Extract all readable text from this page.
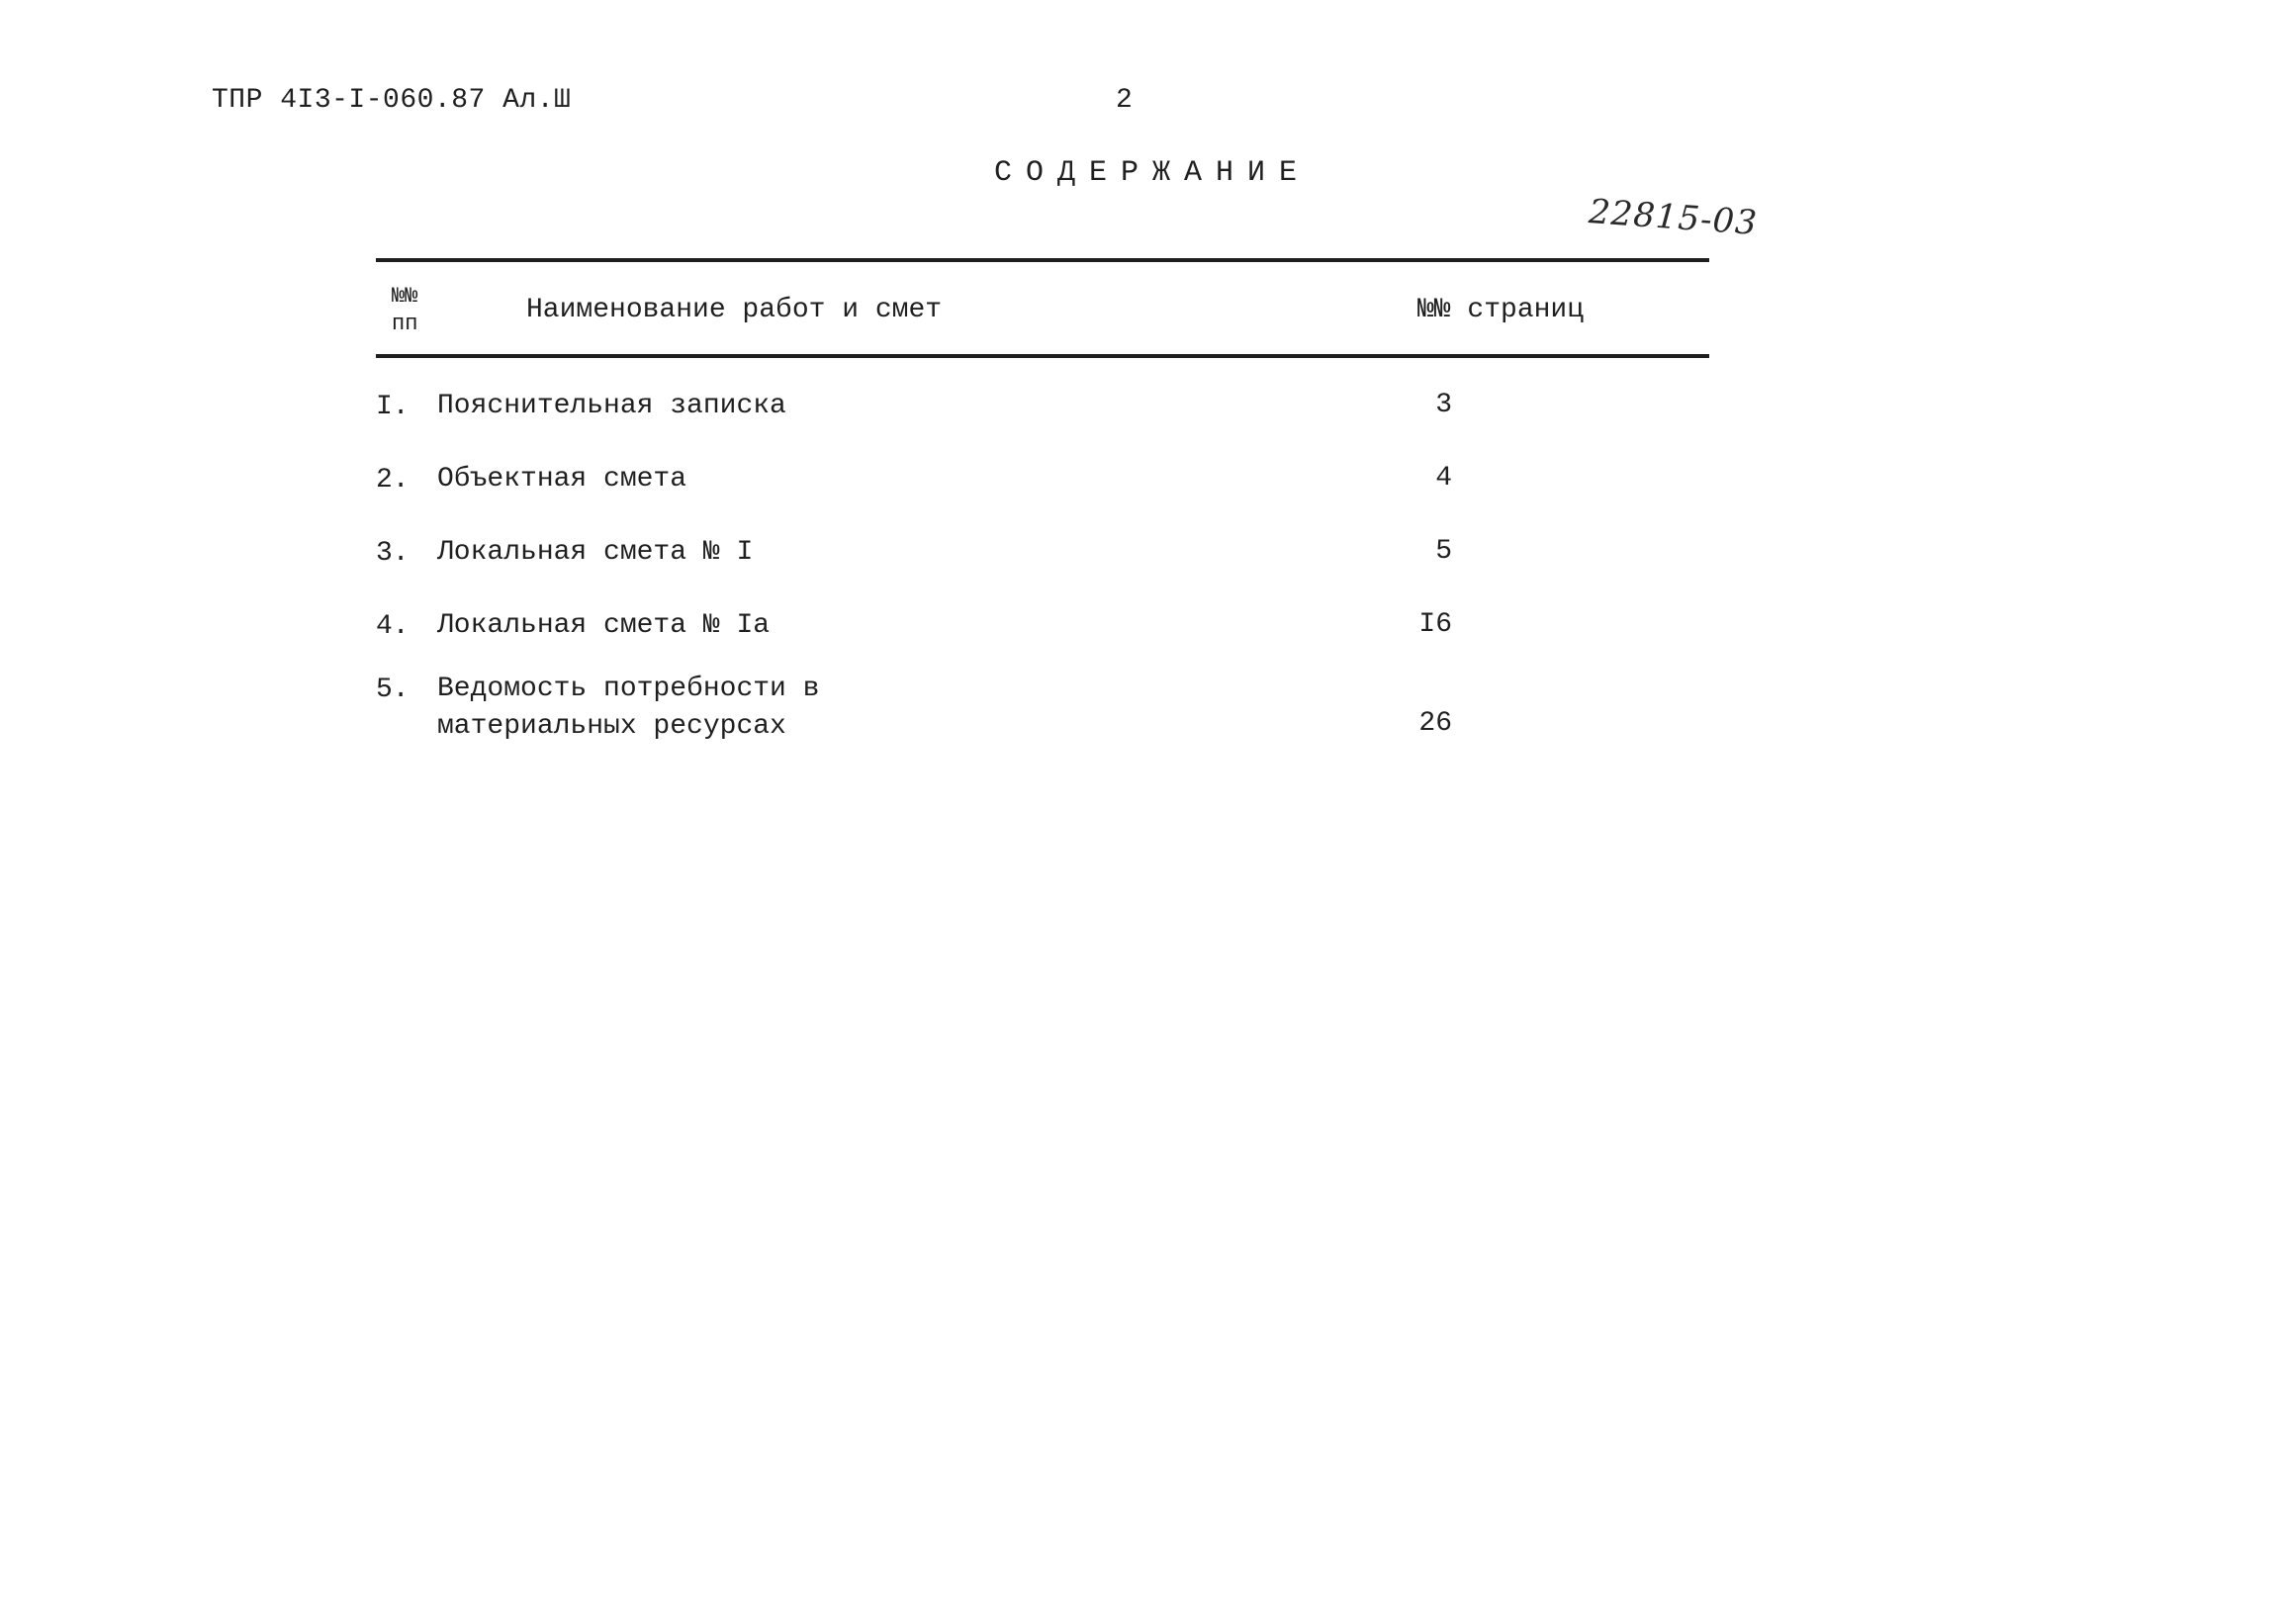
ТПР 4I3-I-060.87 Ал.Ш	2
СОДЕРЖАНИЕ
22815-03
№№
пп	Наименование работ и смет	№№ страниц
I. Пояснительная записка	3
2. Объектная смета	4
3. Локальная смета № I	5
4. Локальная смета № Iа	I6
5. Ведомость потребности в
материальных ресурсах	26
